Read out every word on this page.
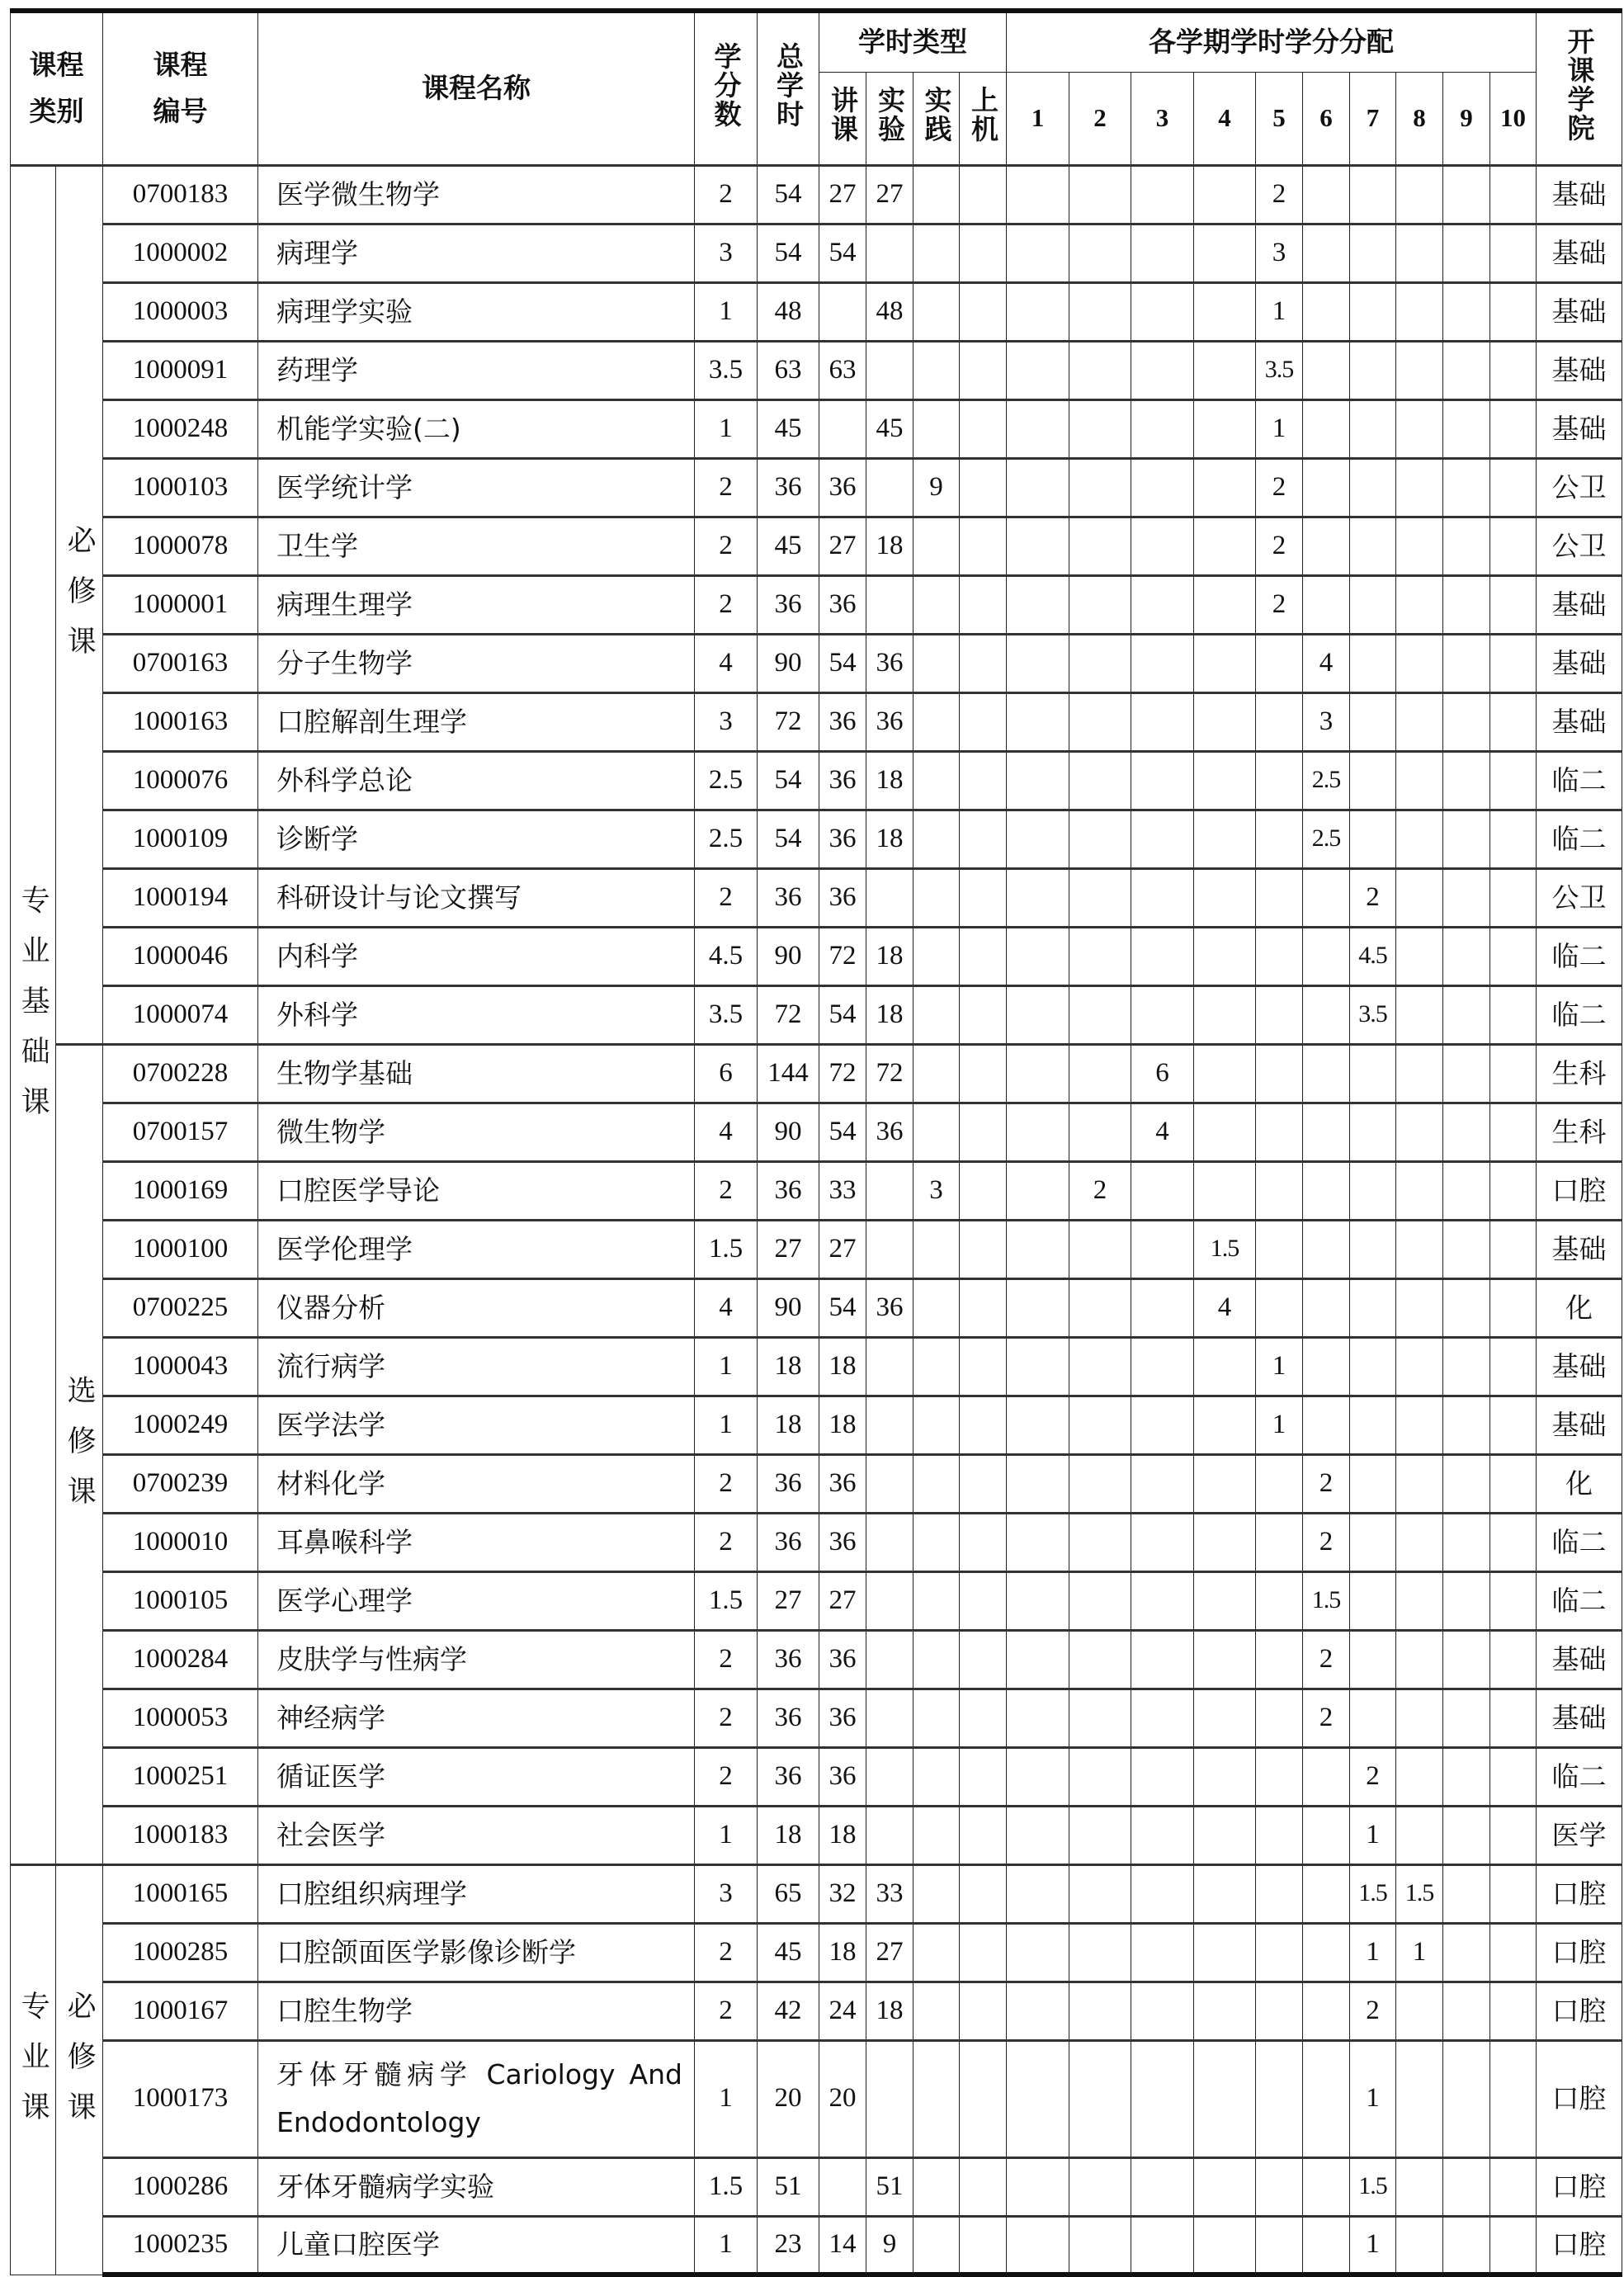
课程类别		课程编号	课程名称	学分数	总学时	学时类型				各学期学时学分分配										开课学院
						讲课	实验	实践	上机	1	2	3	4	5	6	7	8	9	10	
专业基础课	必修课	0700183	医学微生物学	2	54	27	27							2						基础
		1000002	病理学	3	54	54								3						基础
		1000003	病理学实验	1	48		48							1						基础
		1000091	药理学	3.5	63	63								3.5						基础
		1000248	机能学实验(二)	1	45		45							1						基础
		1000103	医学统计学	2	36	36		9						2						公卫
		1000078	卫生学	2	45	27	18							2						公卫
		1000001	病理生理学	2	36	36								2						基础
		0700163	分子生物学	4	90	54	36								4					基础
		1000163	口腔解剖生理学	3	72	36	36								3					基础
		1000076	外科学总论	2.5	54	36	18								2.5					临二
		1000109	诊断学	2.5	54	36	18								2.5					临二
		1000194	科研设计与论文撰写	2	36	36										2				公卫
		1000046	内科学	4.5	90	72	18									4.5				临二
		1000074	外科学	3.5	72	54	18									3.5				临二
	选修课	0700228	生物学基础	6	144	72	72					6								生科
		0700157	微生物学	4	90	54	36					4								生科
		1000169	口腔医学导论	2	36	33		3			2									口腔
		1000100	医学伦理学	1.5	27	27							1.5							基础
		0700225	仪器分析	4	90	54	36						4							化
		1000043	流行病学	1	18	18								1						基础
		1000249	医学法学	1	18	18								1						基础
		0700239	材料化学	2	36	36									2					化
		1000010	耳鼻喉科学	2	36	36									2					临二
		1000105	医学心理学	1.5	27	27									1.5					临二
		1000284	皮肤学与性病学	2	36	36									2					基础
		1000053	神经病学	2	36	36									2					基础
		1000251	循证医学	2	36	36										2				临二
		1000183	社会医学	1	18	18										1				医学
专业课	必修课	1000165	口腔组织病理学	3	65	32	33									1.5	1.5			口腔
		1000285	口腔颌面医学影像诊断学	2	45	18	27									1	1			口腔
		1000167	口腔生物学	2	42	24	18									2				口腔
		1000173	牙体牙髓病学 Cariology And Endodontology	1	20	20										1				口腔
		1000286	牙体牙髓病学实验	1.5	51		51									1.5				口腔
		1000235	儿童口腔医学	1	23	14	9									1				口腔
